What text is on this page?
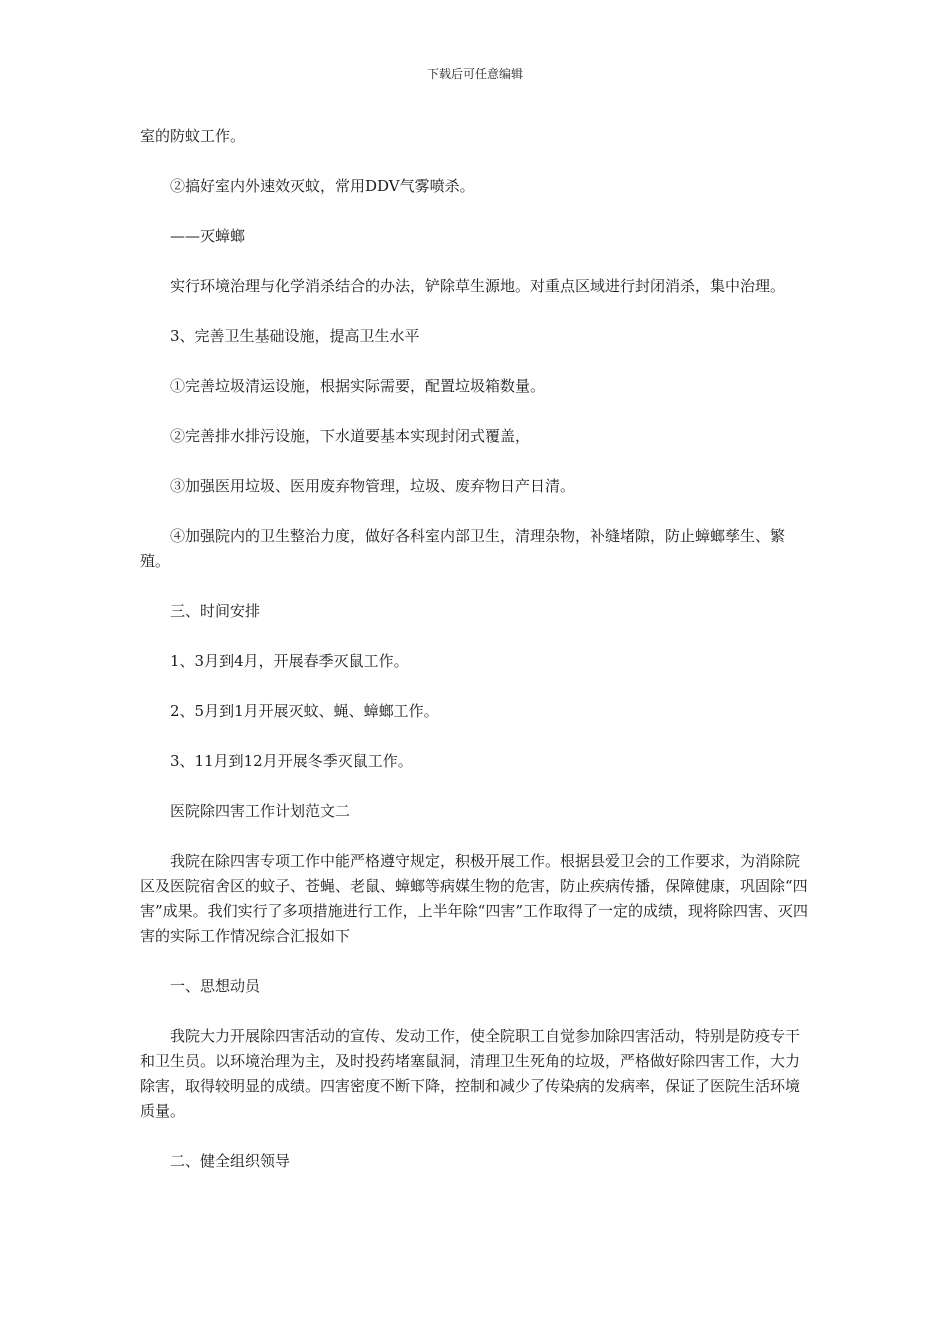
下载后可任意编辑

室的防蚊工作。

②搞好室内外速效灭蚊，常用DDV气雾喷杀。

——灭蟑螂

实行环境治理与化学消杀结合的办法，铲除草生源地。对重点区域进行封闭消杀，集中治理。

3、完善卫生基础设施，提高卫生水平

①完善垃圾清运设施，根据实际需要，配置垃圾箱数量。

②完善排水排污设施，下水道要基本实现封闭式覆盖，

③加强医用垃圾、医用废弃物管理，垃圾、废弃物日产日清。

④加强院内的卫生整治力度，做好各科室内部卫生，清理杂物，补缝堵隙，防止蟑螂孳生、繁殖。

三、时间安排

1、3月到4月，开展春季灭鼠工作。

2、5月到1月开展灭蚊、蝇、蟑螂工作。

3、11月到12月开展冬季灭鼠工作。

医院除四害工作计划范文二

我院在除四害专项工作中能严格遵守规定，积极开展工作。根据县爱卫会的工作要求，为消除院区及医院宿舍区的蚊子、苍蝇、老鼠、蟑螂等病媒生物的危害，防止疾病传播，保障健康，巩固除“四害”成果。我们实行了多项措施进行工作，上半年除“四害”工作取得了一定的成绩，现将除四害、灭四害的实际工作情况综合汇报如下

一、思想动员

我院大力开展除四害活动的宣传、发动工作，使全院职工自觉参加除四害活动，特别是防疫专干和卫生员。以环境治理为主，及时投药堵塞鼠洞，清理卫生死角的垃圾，严格做好除四害工作，大力除害，取得较明显的成绩。四害密度不断下降，控制和减少了传染病的发病率，保证了医院生活环境质量。

二、健全组织领导
